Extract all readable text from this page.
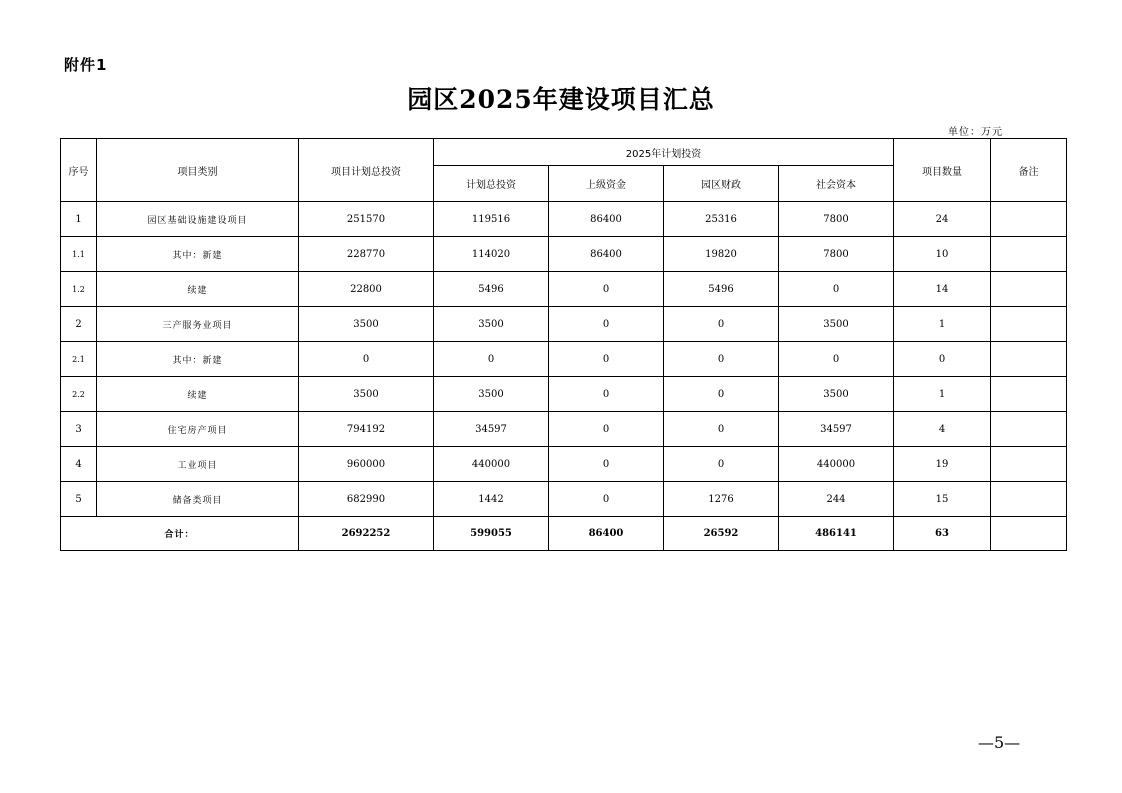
附件1
园区2025年建设项目汇总
单位：万元
序号	项目类别	项目计划总投资	2025年计划投资				项目数量	备注
			计划总投资	上级资金	园区财政	社会资本		
1	园区基础设施建设项目	251570	119516	86400	25316	7800	24	
1.1	其中：新建	228770	114020	86400	19820	7800	10	
1.2	续建	22800	5496	0	5496	0	14	
2	三产服务业项目	3500	3500	0	0	3500	1	
2.1	其中：新建	0	0	0	0	0	0	
2.2	续建	3500	3500	0	0	3500	1	
3	住宅房产项目	794192	34597	0	0	34597	4	
4	工业项目	960000	440000	0	0	440000	19	
5	储备类项目	682990	1442	0	1276	244	15	
合计：		2692252	599055	86400	26592	486141	63	
—5—
